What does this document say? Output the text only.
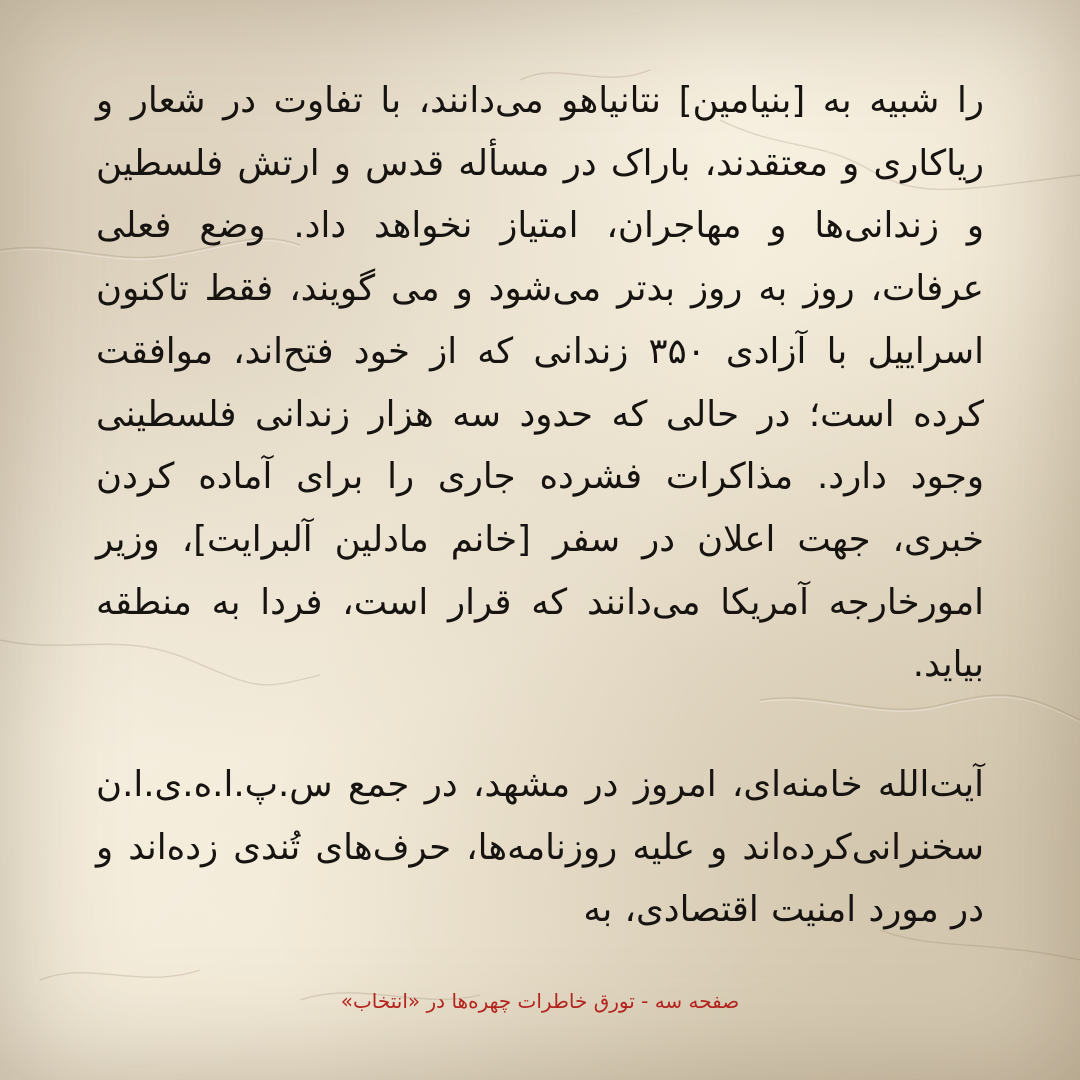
را شبیه به [بنیامین] نتانیاهو می‌دانند، با تفاوت در شعار و ریاکاری و معتقدند، باراک در مسأله قدس و ارتش فلسطین و زندانی‌ها و مهاجران، امتیاز نخواهد داد. وضع فعلی عرفات، روز به روز بدتر می‌شود و می گویند، فقط تاکنون اسراییل با آزادی ۳۵۰ زندانی که از خود فتح‌اند، موافقت کرده است؛ در حالی که حدود سه هزار زندانی فلسطینی وجود دارد. مذاکرات فشرده جاری را برای آماده کردن خبری، جهت اعلان در سفر [خانم مادلین آلبرایت]، وزیر امورخارجه آمریکا می‌دانند که قرار است، فردا به منطقه بیاید.

آیت‌الله خامنه‌ای، امروز در مشهد، در جمع س.پ.ا.ه.ی.ا.ن سخنرانی‌کرده‌اند و علیه روزنامه‌ها، حرف‌های تُندی زده‌اند و در مورد امنیت اقتصادی، به

صفحه سه - تورق خاطرات چهره‌ها در «انتخاب»
